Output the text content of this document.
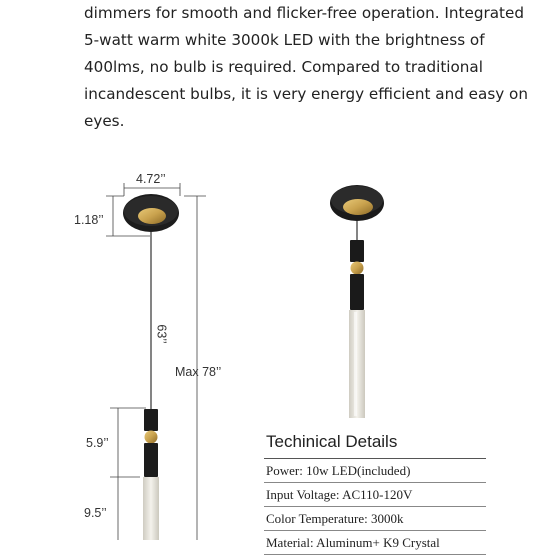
dimmers for smooth and flicker-free operation. Integrated

5-watt warm white 3000k LED with the brightness of

400lms, no bulb is required. Compared to traditional

incandescent bulbs, it is very energy efficient and easy on

eyes.

4.72’’
1.18’’
63’’
Max 78’’
5.9’’
9.5’’
Techinical Details
Power: 10w LED(included)
Input Voltage: AC110-120V
Color Temperature: 3000k
Material: Aluminum+ K9 Crystal
